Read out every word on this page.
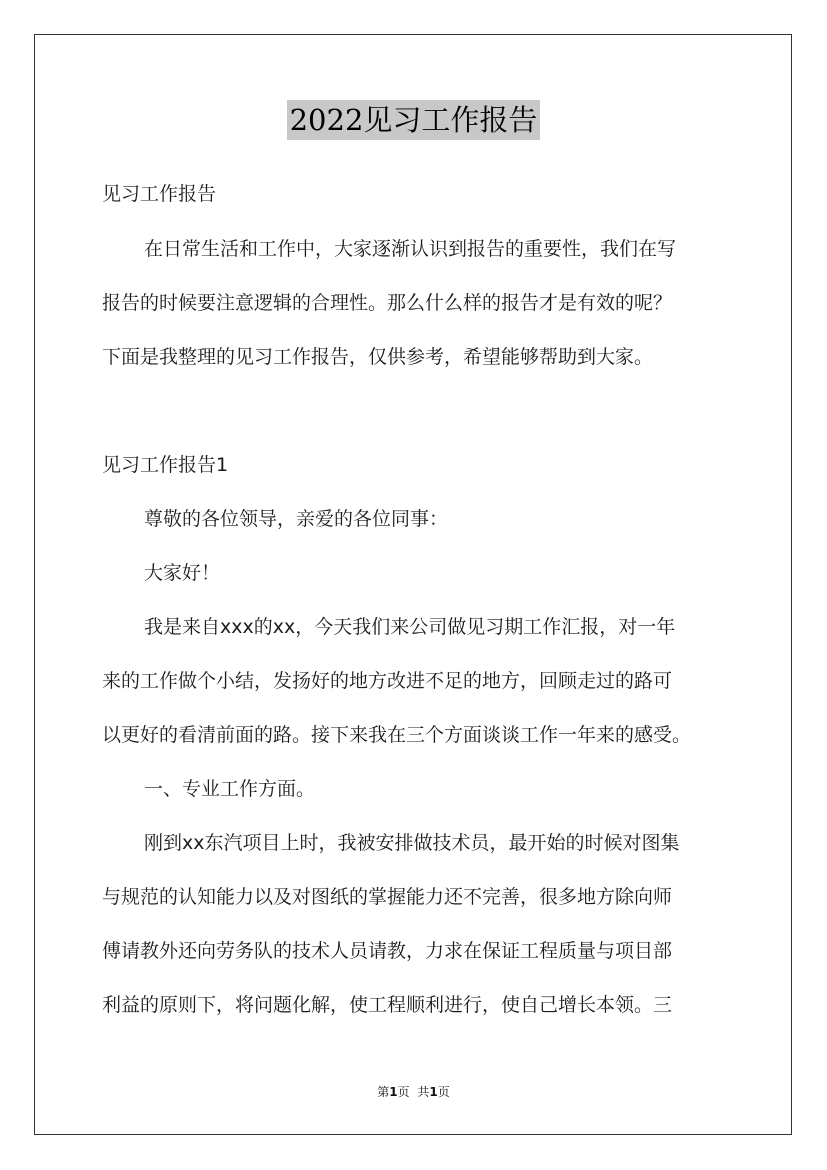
2022见习工作报告
见习工作报告
在日常生活和工作中，大家逐渐认识到报告的重要性，我们在写
报告的时候要注意逻辑的合理性。那么什么样的报告才是有效的呢？
下面是我整理的见习工作报告，仅供参考，希望能够帮助到大家。
见习工作报告1
尊敬的各位领导，亲爱的各位同事：
大家好！
我是来自xxx的xx，今天我们来公司做见习期工作汇报，对一年
来的工作做个小结，发扬好的地方改进不足的地方，回顾走过的路可
以更好的看清前面的路。接下来我在三个方面谈谈工作一年来的感受。
一、专业工作方面。
刚到xx东汽项目上时，我被安排做技术员，最开始的时候对图集
与规范的认知能力以及对图纸的掌握能力还不完善，很多地方除向师
傅请教外还向劳务队的技术人员请教，力求在保证工程质量与项目部
利益的原则下，将问题化解，使工程顺利进行，使自己增长本领。三
第1页 共1页
